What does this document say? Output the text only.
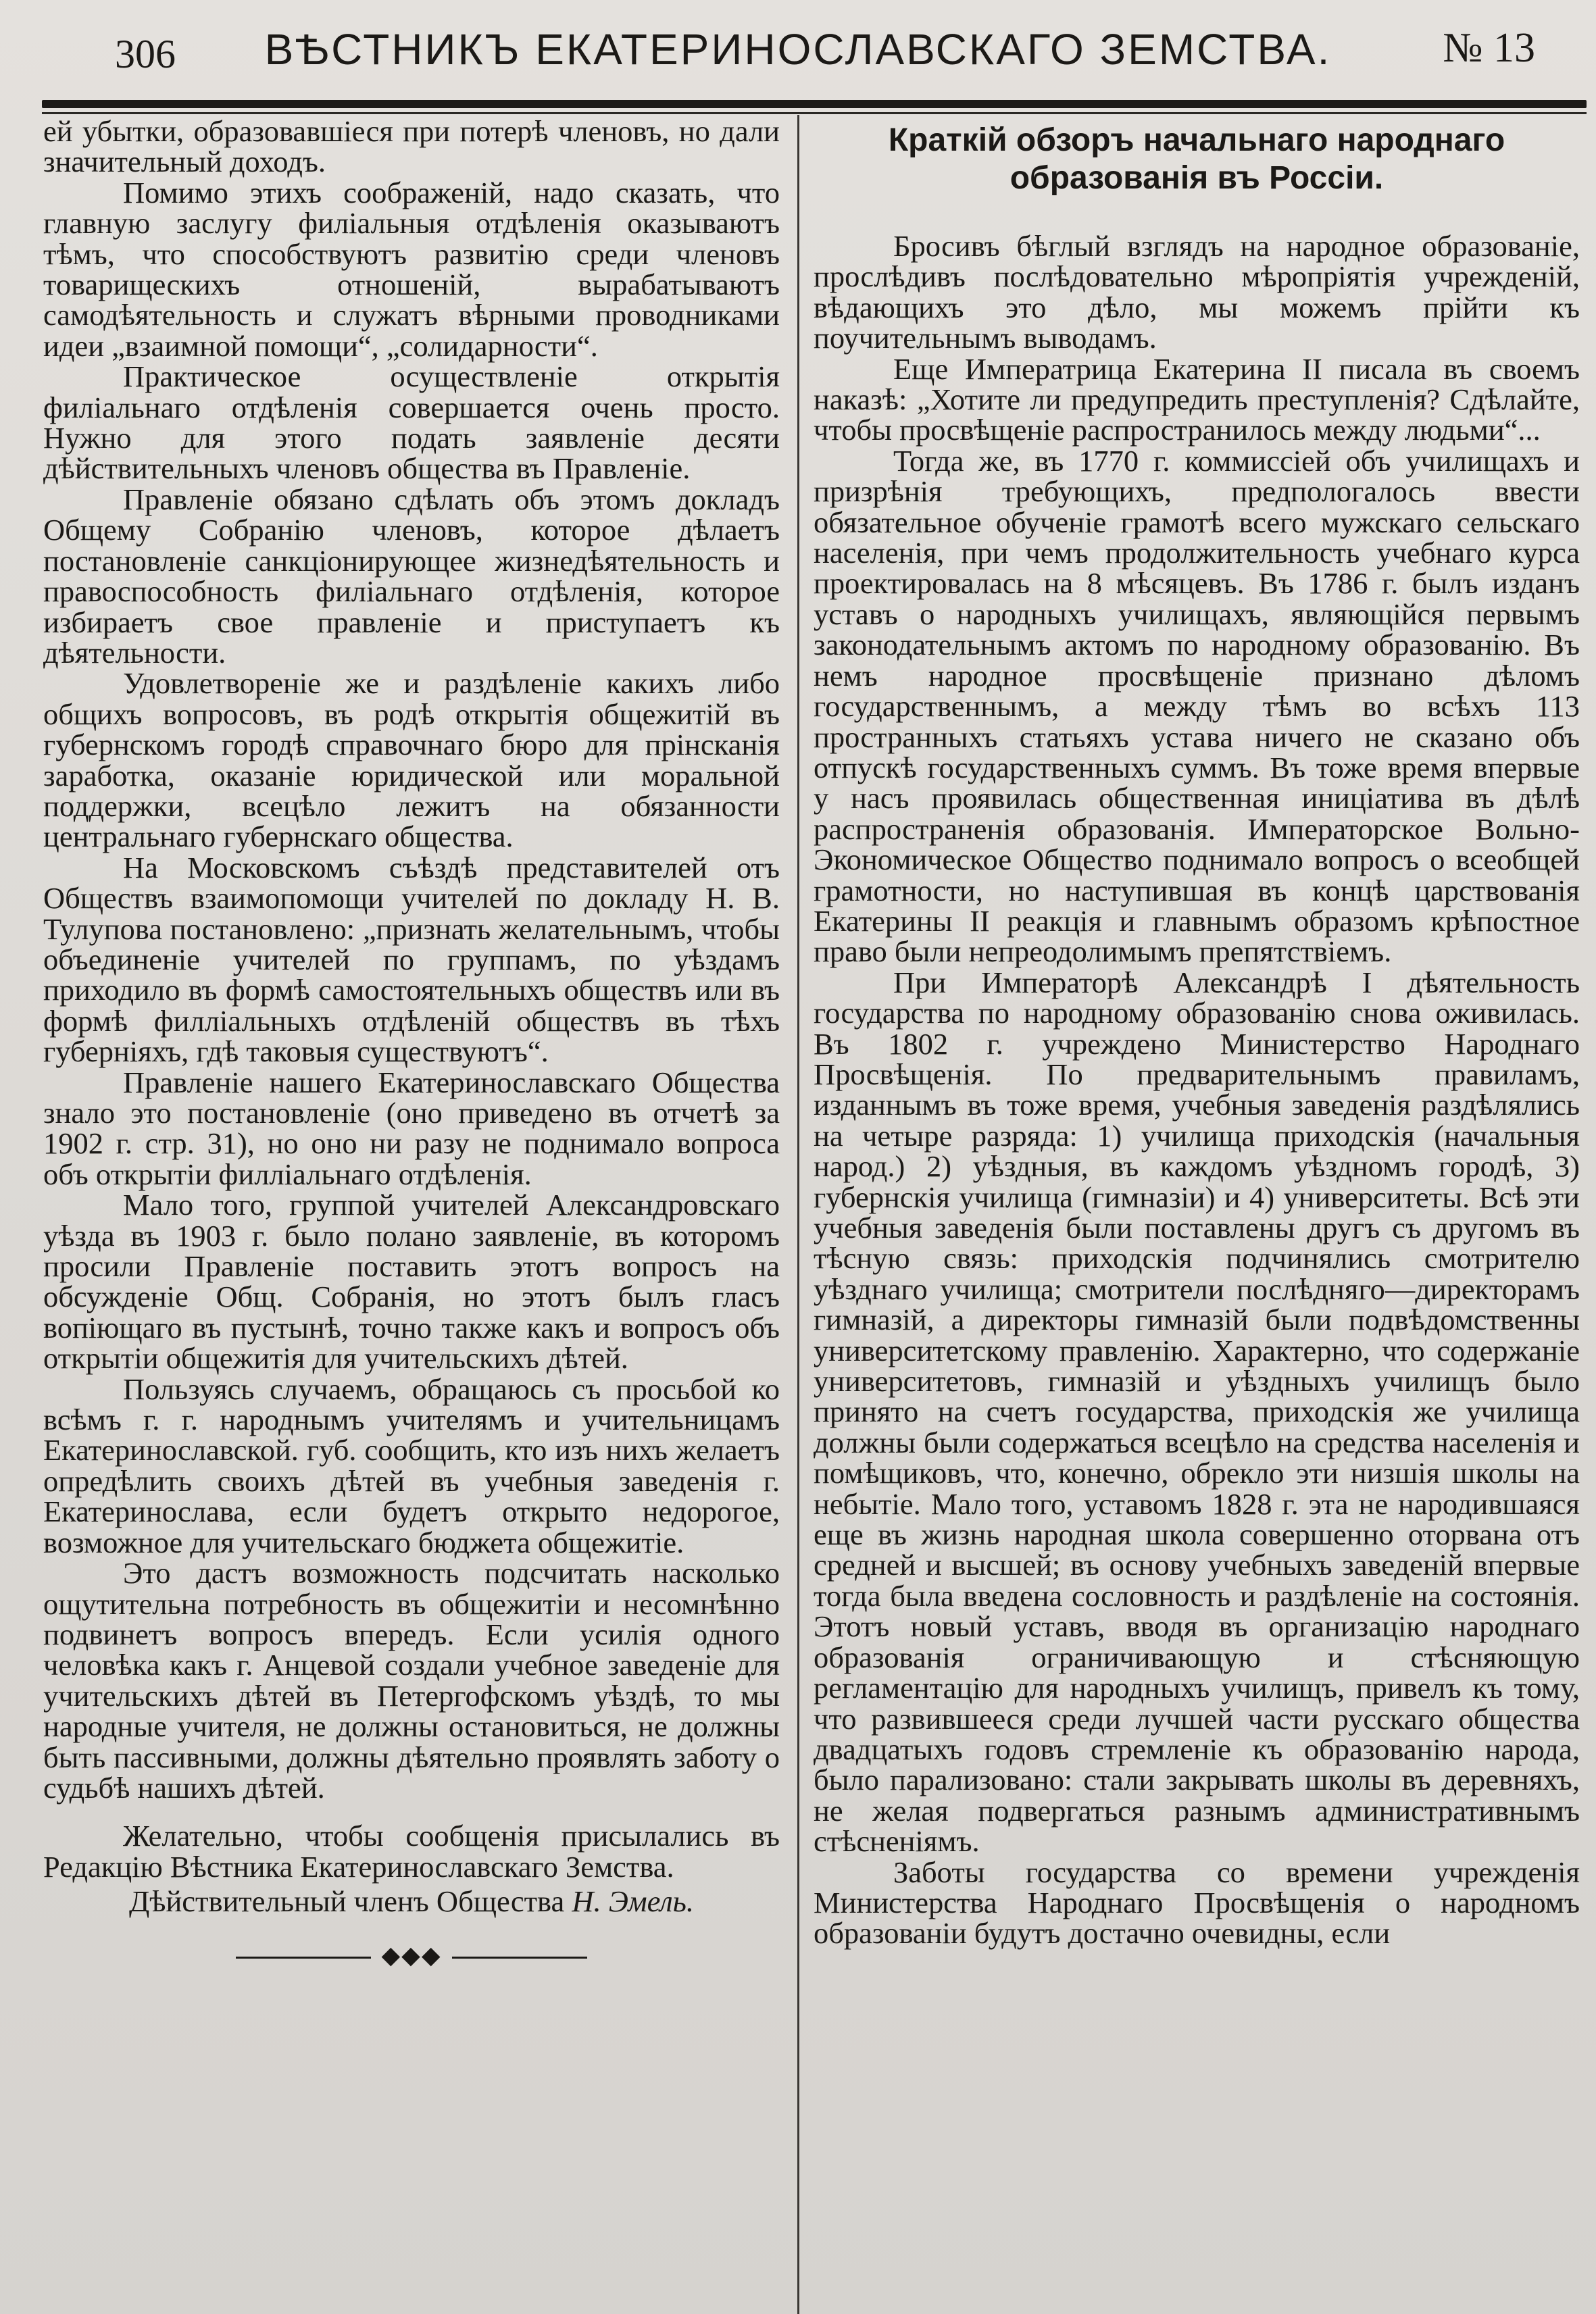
306	ВѢСТНИКЪ ЕКАТЕРИНОСЛАВСКАГО ЗЕМСТВА.	№ 13

ей убытки, образовавшіеся при потерѣ членовъ, но дали значительный доходъ.

Помимо этихъ соображеній, надо сказать, что главную заслугу филіальныя отдѣленія оказываютъ тѣмъ, что способствуютъ развитію среди членовъ товарищескихъ отношеній, вырабатываютъ самодѣятельность и служатъ вѣрными проводниками идеи „взаимной помощи“, „солидарности“.

Практическое осуществленіе открытія филіальнаго отдѣленія совершается очень просто. Нужно для этого подать заявленіе десяти дѣйствительныхъ членовъ общества въ Правленіе.

Правленіе обязано сдѣлать объ этомъ докладъ Общему Собранію членовъ, которое дѣлаетъ постановленіе санкціонирующее жизнедѣятельность и правоспособность филіальнаго отдѣленія, которое избираетъ свое правленіе и приступаетъ къ дѣятельности.

Удовлетвореніе же и раздѣленіе какихъ либо общихъ вопросовъ, въ родѣ открытія общежитій въ губернскомъ городѣ справочнаго бюро для прінсканія заработка, оказаніе юридической или моральной поддержки, всецѣло лежитъ на обязанности центральнаго губернскаго общества.

На Московскомъ съѣздѣ представителей отъ Обществъ взаимопомощи учителей по докладу Н. В. Тулупова постановлено: „признать желательнымъ, чтобы объединеніе учителей по группамъ, по уѣздамъ приходило въ формѣ самостоятельныхъ обществъ или въ формѣ филліальныхъ отдѣленій обществъ въ тѣхъ губерніяхъ, гдѣ таковыя существуютъ“.

Правленіе нашего Екатеринославскаго Общества знало это постановленіе (оно приведено въ отчетѣ за 1902 г. стр. 31), но оно ни разу не поднимало вопроса объ открытіи филліальнаго отдѣленія.

Мало того, группой учителей Александровскаго уѣзда въ 1903 г. было полано заявленіе, въ которомъ просили Правленіе поставить этотъ вопросъ на обсужденіе Общ. Собранія, но этотъ былъ гласъ вопіющаго въ пустынѣ, точно также какъ и вопросъ объ открытіи общежитія для учительскихъ дѣтей.

Пользуясь случаемъ, обращаюсь съ просьбой ко всѣмъ г. г. народнымъ учителямъ и учительницамъ Екатеринославской. губ. сообщить, кто изъ нихъ желаетъ опредѣлить своихъ дѣтей въ учебныя заведенія г. Екатеринослава, если будетъ открыто недорогое, возможное для учительскаго бюджета общежитіе.

Это дастъ возможность подсчитать насколько ощутительна потребность въ общежитіи и несомнѣнно подвинетъ вопросъ впередъ. Если усилія одного человѣка какъ г. Анцевой создали учебное заведеніе для учительскихъ дѣтей въ Петергофскомъ уѣздѣ, то мы народные учителя, не должны остановиться, не должны быть пассивными, должны дѣятельно проявлять заботу о судьбѣ нашихъ дѣтей.

Желательно, чтобы сообщенія присылались въ Редакцію Вѣстника Екатеринославскаго Земства.

Дѣйствительный членъ Общества Н. Эмель.

◆◆◆
Краткій обзоръ начальнаго народнаго образованія въ Россіи.

Бросивъ бѣглый взглядъ на народное образованіе, прослѣдивъ послѣдовательно мѣропріятія учрежденій, вѣдающихъ это дѣло, мы можемъ прійти къ поучительнымъ выводамъ.

Еще Императрица Екатерина II писала въ своемъ наказѣ: „Хотите ли предупредить преступленія? Сдѣлайте, чтобы просвѣщеніе распространилось между людьми“...

Тогда же, въ 1770 г. коммиссіей объ училищахъ и призрѣнія требующихъ, предпологалось ввести обязательное обученіе грамотѣ всего мужскаго сельскаго населенія, при чемъ продолжительность учебнаго курса проектировалась на 8 мѣсяцевъ. Въ 1786 г. былъ изданъ уставъ о народныхъ училищахъ, являющійся первымъ законодательнымъ актомъ по народному образованію. Въ немъ народное просвѣщеніе признано дѣломъ государственнымъ, а между тѣмъ во всѣхъ 113 пространныхъ статьяхъ устава ничего не сказано объ отпускѣ государственныхъ суммъ. Въ тоже время впервые у насъ проявилась общественная иниціатива въ дѣлѣ распространенія образованія. Императорское Вольно-Экономическое Общество поднимало вопросъ о всеобщей грамотности, но наступившая въ концѣ царствованія Екатерины II реакція и главнымъ образомъ крѣпостное право были непреодолимымъ препятствіемъ.

При Императорѣ Александрѣ I дѣятельность государства по народному образованію снова оживилась. Въ 1802 г. учреждено Министерство Народнаго Просвѣщенія. По предварительнымъ правиламъ, изданнымъ въ тоже время, учебныя заведенія раздѣлялись на четыре разряда: 1) училища приходскія (начальныя народ.) 2) уѣздныя, въ каждомъ уѣздномъ городѣ, 3) губернскія училища (гимназіи) и 4) университеты. Всѣ эти учебныя заведенія были поставлены другъ съ другомъ въ тѣсную связь: приходскія подчинялись смотрителю уѣзднаго училища; смотрители послѣдняго—директорамъ гимназій, а директоры гимназій были подвѣдомственны университетскому правленію. Характерно, что содержаніе университетовъ, гимназій и уѣздныхъ училищъ было принято на счетъ государства, приходскія же училища должны были содержаться всецѣло на средства населенія и помѣщиковъ, что, конечно, обрекло эти низшія школы на небытіе. Мало того, уставомъ 1828 г. эта не народившаяся еще въ жизнь народная школа совершенно оторвана отъ средней и высшей; въ основу учебныхъ заведеній впервые тогда была введена сословность и раздѣленіе на состоянія. Этотъ новый уставъ, вводя въ организацію народнаго образованія ограничивающую и стѣсняющую регламентацію для народныхъ училищъ, привелъ къ тому, что развившееся среди лучшей части русскаго общества двадцатыхъ годовъ стремленіе къ образованію народа, было парализовано: стали закрывать школы въ деревняхъ, не желая подвергаться разнымъ административнымъ стѣсненіямъ.

Заботы государства со времени учрежденія Министерства Народнаго Просвѣщенія о народномъ образованіи будутъ достачно очевидны, если
